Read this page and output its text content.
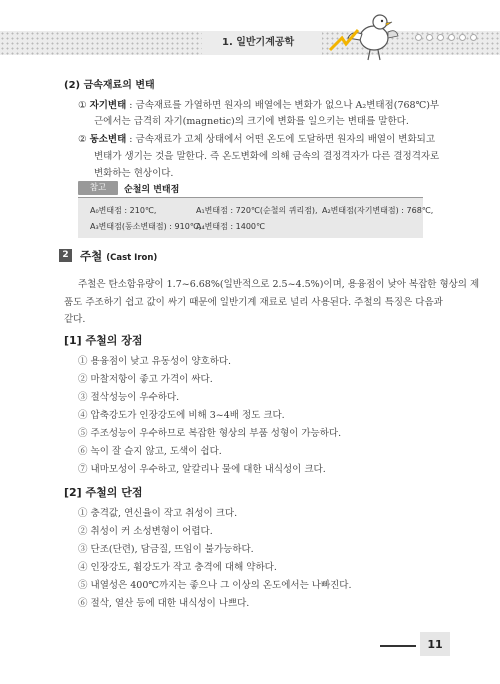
1. 일반기계공학
(2) 금속재료의 변태
① 자기변태 : 금속재료를 가열하면 원자의 배열에는 변화가 없으나 A₂변태점(768℃)부
근에서는 급격히 자기(magnetic)의 크기에 변화를 일으키는 변태를 말한다.
② 동소변태 : 금속재료가 고체 상태에서 어떤 온도에 도달하면 원자의 배열이 변화되고
변태가 생기는 것을 말한다. 즉 온도변화에 의해 금속의 결정격자가 다른 결정격자로
변화하는 현상이다.
참고	순철의 변태점
A₀변태점 : 210℃,	A₁변태점 : 720℃(순철의 퀴리점), A₂변태점(자기변태점) : 768℃,
A₃변태점(동소변태점) : 910℃,
A₄변태점 : 1400℃
2 주철 (Cast Iron)
주철은 탄소함유량이 1.7~6.68%(일반적으로 2.5~4.5%)이며, 용융점이 낮아 복잡한 형상의 제
품도 주조하기 쉽고 값이 싸기 때문에 일반기계 재료로 널리 사용된다. 주철의 특징은 다음과
같다.
[1] 주철의 장점
① 용융점이 낮고 유동성이 양호하다.
② 마찰저항이 좋고 가격이 싸다.
③ 절삭성능이 우수하다.
④ 압축강도가 인장강도에 비해 3~4배 정도 크다.
⑤ 주조성능이 우수하므로 복잡한 형상의 부품 성형이 가능하다.
⑥ 녹이 잘 슬지 않고, 도색이 쉽다.
⑦ 내마모성이 우수하고, 알칼리나 물에 대한 내식성이 크다.
[2] 주철의 단점
① 충격값, 연신율이 작고 취성이 크다.
② 취성이 커 소성변형이 어렵다.
③ 단조(단련), 담금질, 뜨임이 불가능하다.
④ 인장강도, 휨강도가 작고 충격에 대해 약하다.
⑤ 내열성은 400℃까지는 좋으나 그 이상의 온도에서는 나빠진다.
⑥ 절삭, 열산 등에 대한 내식성이 나쁘다.
11
